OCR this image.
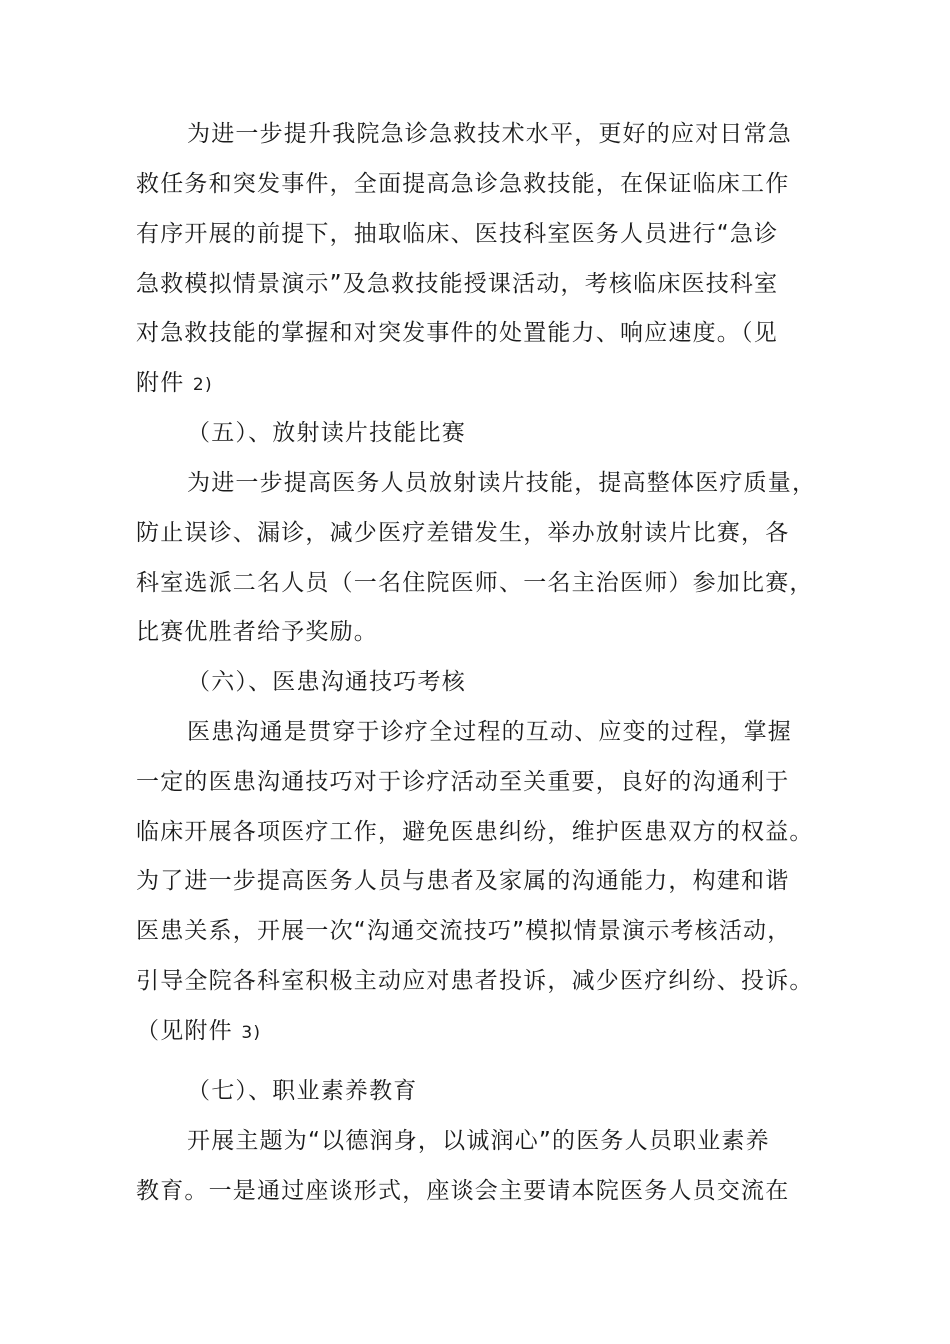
为进一步提升我院急诊急救技术水平，更好的应对日常急
救任务和突发事件，全面提高急诊急救技能，在保证临床工作
有序开展的前提下，抽取临床、医技科室医务人员进行“急诊
急救模拟情景演示”及急救技能授课活动，考核临床医技科室
对急救技能的掌握和对突发事件的处置能力、响应速度。（见
附件 2)
（五）、放射读片技能比赛
为进一步提高医务人员放射读片技能，提高整体医疗质量，
防止误诊、漏诊，减少医疗差错发生，举办放射读片比赛，各
科室选派二名人员（一名住院医师、一名主治医师）参加比赛，
比赛优胜者给予奖励。
（六）、医患沟通技巧考核
医患沟通是贯穿于诊疗全过程的互动、应变的过程，掌握
一定的医患沟通技巧对于诊疗活动至关重要，良好的沟通利于
临床开展各项医疗工作，避免医患纠纷，维护医患双方的权益。
为了进一步提高医务人员与患者及家属的沟通能力，构建和谐
医患关系，开展一次“沟通交流技巧”模拟情景演示考核活动，
引导全院各科室积极主动应对患者投诉，减少医疗纠纷、投诉。
（见附件 3)
（七）、职业素养教育
开展主题为“以德润身，以诚润心”的医务人员职业素养
教育。一是通过座谈形式，座谈会主要请本院医务人员交流在
